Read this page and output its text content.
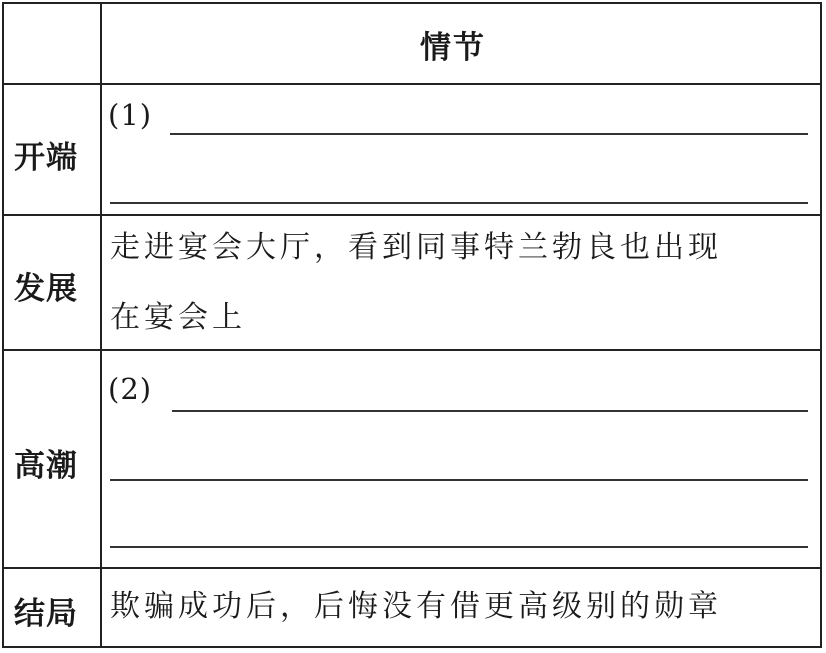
情节
开端
(1)
发展
走进宴会大厅，看到同事特兰勃良也出现
在宴会上
高潮
(2)
结局 欺骗成功后，后悔没有借更高级别的勋章
